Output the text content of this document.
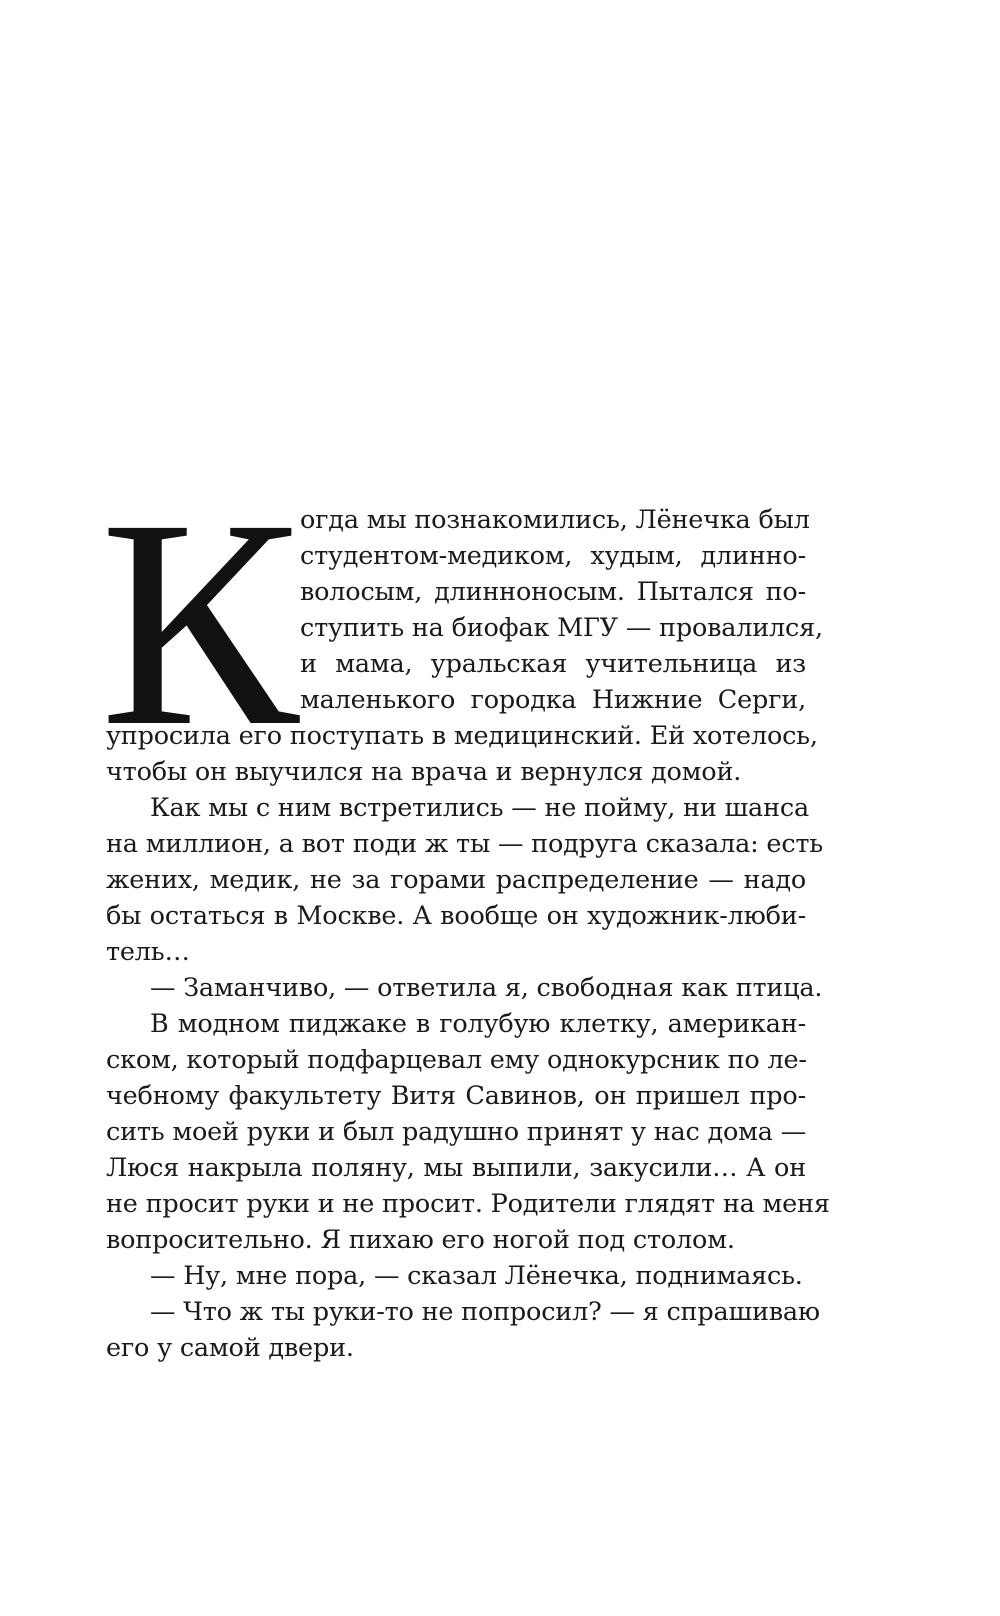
К огда мы познакомились, Лёнечка был
студентом-медиком, худым, длинно-
волосым, длинноносым. Пытался по-
ступить на биофак МГУ — провалился,
и мама, уральская учительница из
маленького городка Нижние Серги,
упросила его поступать в медицинский. Ей хотелось,
чтобы он выучился на врача и вернулся домой.
Как мы с ним встретились — не пойму, ни шанса
на миллион, а вот поди ж ты — подруга сказала: есть
жених, медик, не за горами распределение — надо
бы остаться в Москве. А вообще он художник-люби-
тель…
— Заманчиво, — ответила я, свободная как птица.
В модном пиджаке в голубую клетку, американ-
ском, который подфарцевал ему однокурсник по ле-
чебному факультету Витя Савинов, он пришел про-
сить моей руки и был радушно принят у нас дома —
Люся накрыла поляну, мы выпили, закусили… А он
не просит руки и не просит. Родители глядят на меня
вопросительно. Я пихаю его ногой под столом.
— Ну, мне пора, — сказал Лёнечка, поднимаясь.
— Что ж ты руки-то не попросил? — я спрашиваю
его у самой двери.
